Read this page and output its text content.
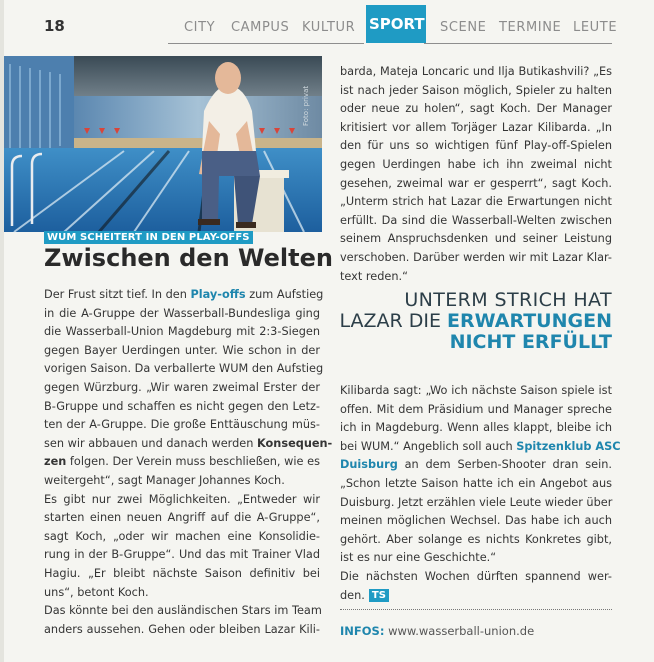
18	CITY CAMPUS KULTUR SPORT SCENE TERMINE LEUTE
Foto: privat
WUM SCHEITERT IN DEN PLAY-OFFS
Zwischen den Welten
Der Frust sitzt tief. In den Play-offs zum Aufstieg
in die A-Gruppe der Wasserball-Bundesliga ging
die Wasserball-Union Magdeburg mit 2:3-Siegen
gegen Bayer Uerdingen unter. Wie schon in der
vorigen Saison. Da verballerte WUM den Aufstieg
gegen Würzburg. „Wir waren zweimal Erster der
B-Gruppe und schaffen es nicht gegen den Letz-
ten der A-Gruppe. Die große Enttäuschung müs-
sen wir abbauen und danach werden Konsequen-
zen folgen. Der Verein muss beschließen, wie es
weitergeht“, sagt Manager Johannes Koch.
Es gibt nur zwei Möglichkeiten. „Entweder wir
starten einen neuen Angriff auf die A-Gruppe“,
sagt Koch, „oder wir machen eine Konsolidie-
rung in der B-Gruppe“. Und das mit Trainer Vlad
Hagiu. „Er bleibt nächste Saison definitiv bei
uns“, betont Koch.
Das könnte bei den ausländischen Stars im Team
anders aussehen. Gehen oder bleiben Lazar Kili-
barda, Mateja Loncaric und Ilja Butikashvili? „Es
ist nach jeder Saison möglich, Spieler zu halten
oder neue zu holen“, sagt Koch. Der Manager
kritisiert vor allem Torjäger Lazar Kilibarda. „In
den für uns so wichtigen fünf Play-off-Spielen
gegen Uerdingen habe ich ihn zweimal nicht
gesehen, zweimal war er gesperrt“, sagt Koch.
„Unterm strich hat Lazar die Erwartungen nicht
erfüllt. Da sind die Wasserball-Welten zwischen
seinem Anspruchsdenken und seiner Leistung
verschoben. Darüber werden wir mit Lazar Klar-
text reden.“
UNTERM STRICH HAT
LAZAR DIE ERWARTUNGEN
NICHT ERFÜLLT
Kilibarda sagt: „Wo ich nächste Saison spiele ist
offen. Mit dem Präsidium und Manager spreche
ich in Magdeburg. Wenn alles klappt, bleibe ich
bei WUM.“ Angeblich soll auch Spitzenklub ASC
Duisburg an dem Serben-Shooter dran sein.
„Schon letzte Saison hatte ich ein Angebot aus
Duisburg. Jetzt erzählen viele Leute wieder über
meinen möglichen Wechsel. Das habe ich auch
gehört. Aber solange es nichts Konkretes gibt,
ist es nur eine Geschichte.“
Die nächsten Wochen dürften spannend wer-
den. TS
INFOS: www.wasserball-union.de
